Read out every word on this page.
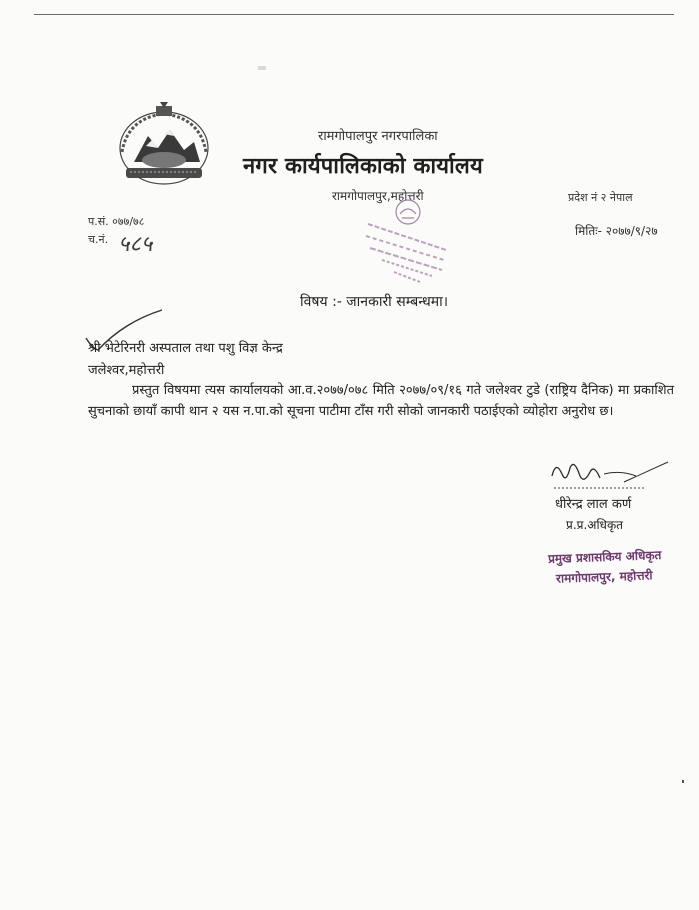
रामगोपालपुर नगरपालिका
नगर कार्यपालिकाको कार्यालय
रामगोपालपुर,महोत्तरी	प्रदेश नं २ नेपाल
प.सं. ०७७/७८
च.नं. ५८५
मितिः- २०७७/९/२७
विषय :- जानकारी सम्बन्धमा।
श्री भेटेरिनरी अस्पताल तथा पशु विज्ञ केन्द्र
जलेश्वर,महोत्तरी
प्रस्तुत विषयमा त्यस कार्यालयको आ.व.२०७७/०७८ मिति २०७७/०९/१६ गते जलेश्वर टुडे (राष्ट्रिय दैनिक) मा प्रकाशित सुचनाको छायाँ कापी थान २ यस न.पा.को सूचना पाटीमा टाँस गरी सोको जानकारी पठाईएको व्योहोरा अनुरोध छ।
धीरेन्द्र लाल कर्ण
प्र.प्र.अधिकृत
प्रमुख प्रशासकिय अधिकृत
रामगोपालपुर, महोत्तरी
